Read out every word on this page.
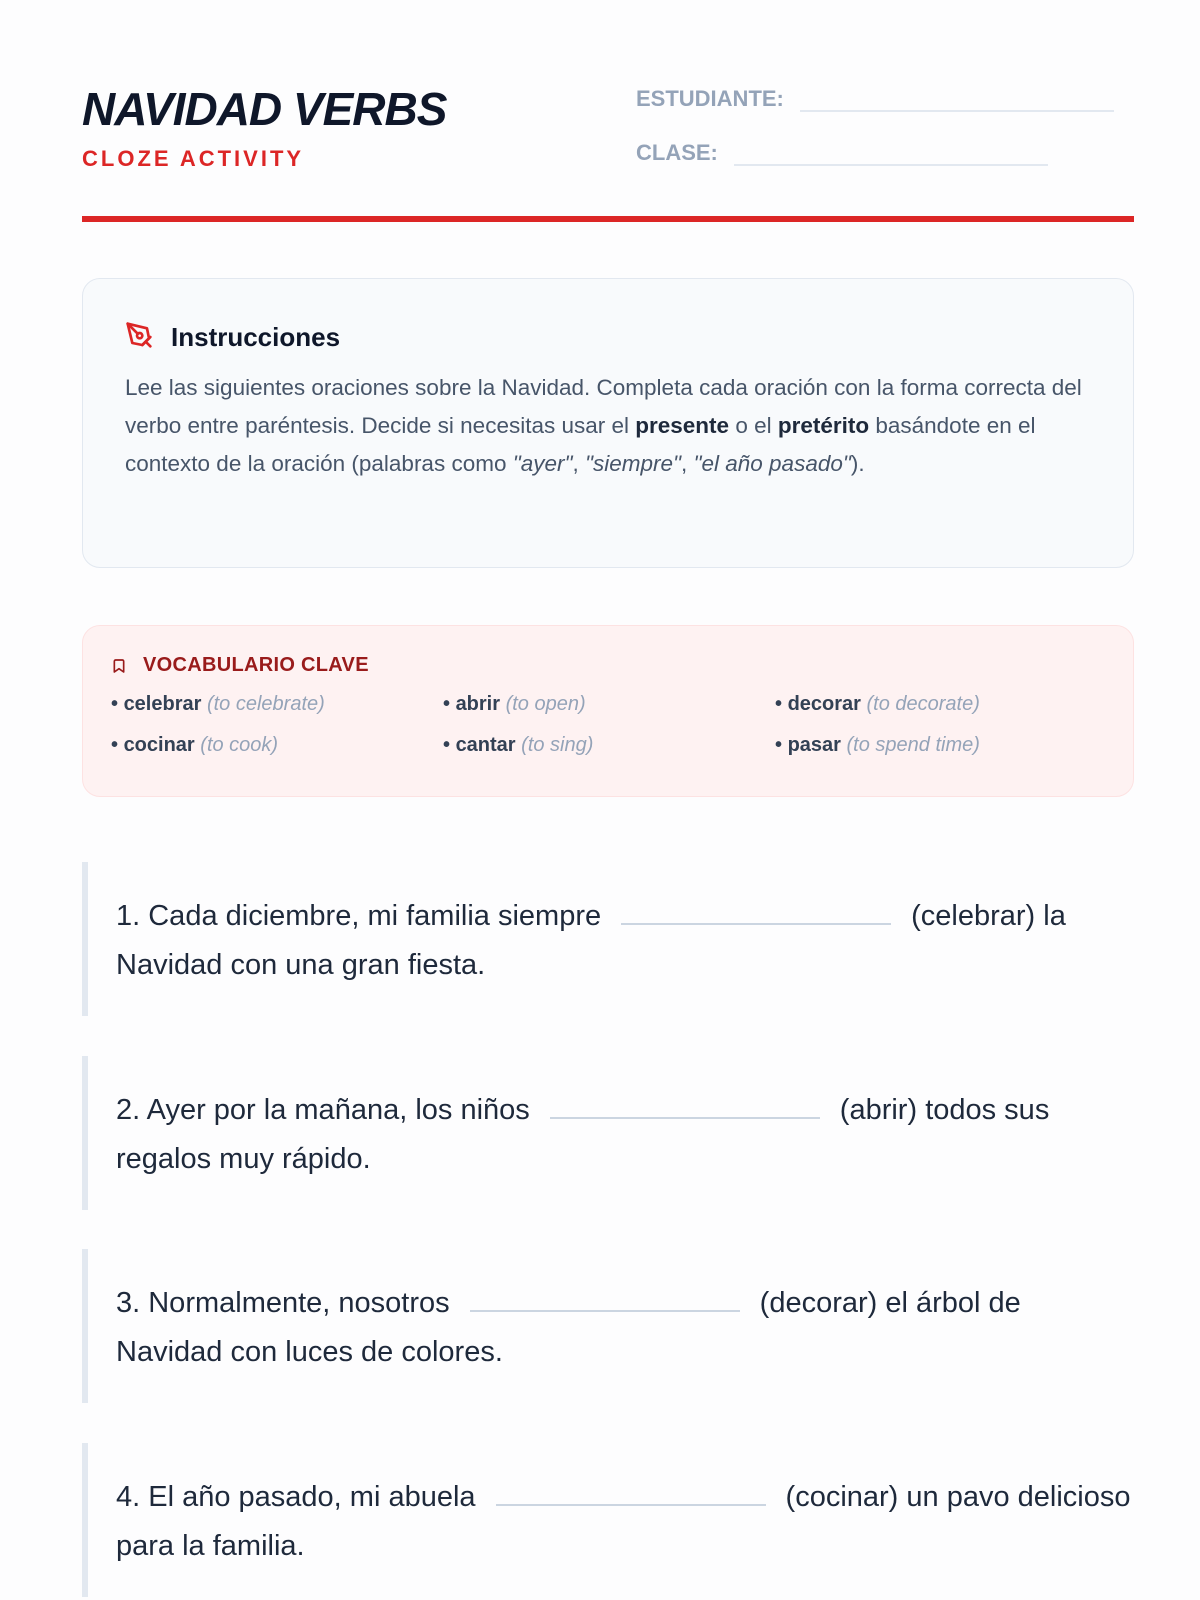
NAVIDAD VERBS
CLOZE ACTIVITY
ESTUDIANTE:
CLASE:
Instrucciones

Lee las siguientes oraciones sobre la Navidad. Completa cada oración con la forma correcta del verbo entre paréntesis. Decide si necesitas usar el presente o el pretérito basándote en el contexto de la oración (palabras como "ayer", "siempre", "el año pasado").

VOCABULARIO CLAVE
• celebrar (to celebrate)	• abrir (to open)	• decorar (to decorate)
• cocinar (to cook)	• cantar (to sing)	• pasar (to spend time)

1. Cada diciembre, mi familia siempre	(celebrar) la Navidad con una gran fiesta.

2. Ayer por la mañana, los niños	(abrir) todos sus regalos muy rápido.

3. Normalmente, nosotros	(decorar) el árbol de Navidad con luces de colores.

4. El año pasado, mi abuela	(cocinar) un pavo delicioso para la familia.
